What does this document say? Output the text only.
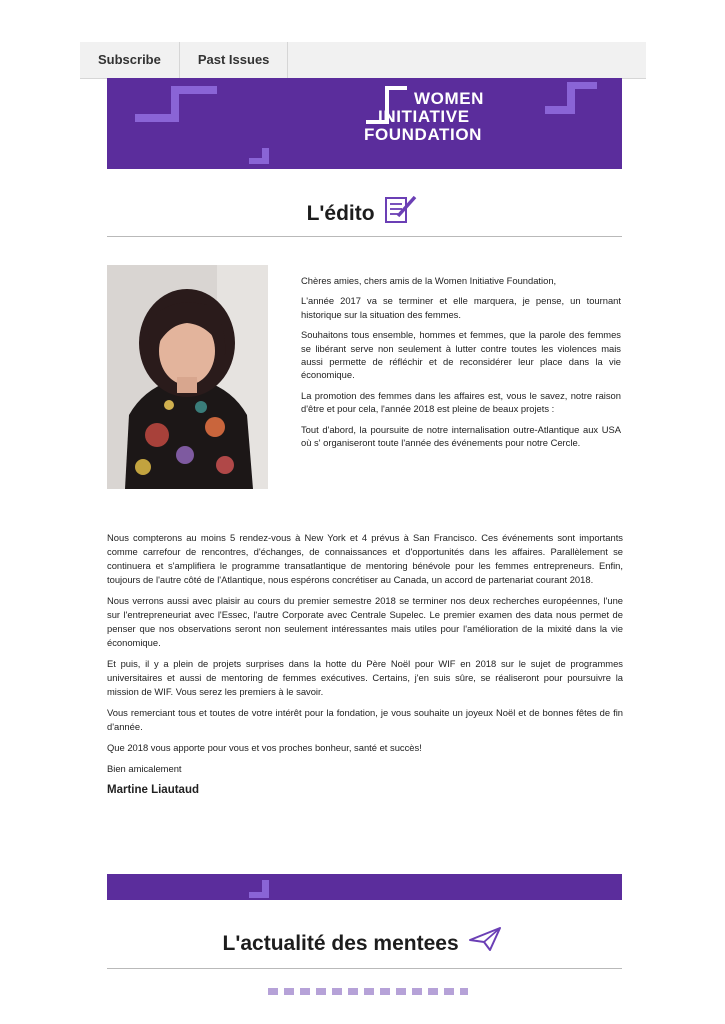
Subscribe	Past Issues
WOMEN
INITIATIVE
FOUNDATION
L'édito

Chères amies, chers amis de la Women Initiative Foundation,

L'année 2017 va se terminer et elle marquera, je pense, un tournant historique sur la situation des femmes.

Souhaitons tous ensemble, hommes et femmes, que la parole des femmes se libérant serve non seulement à lutter contre toutes les violences mais aussi permette de réfléchir et de reconsidérer leur place dans la vie économique.

La promotion des femmes dans les affaires est, vous le savez, notre raison d'être et pour cela, l'année 2018 est pleine de beaux projets :

Tout d'abord, la poursuite de notre internalisation outre-Atlantique aux USA où s' organiseront toute l'année des événements pour notre Cercle.

Nous compterons au moins 5 rendez-vous à New York et 4 prévus à San Francisco. Ces événements sont importants comme carrefour de rencontres, d'échanges, de connaissances et d'opportunités dans les affaires. Parallèlement se continuera et s'amplifiera le programme transatlantique de mentoring bénévole pour les femmes entrepreneurs. Enfin, toujours de l'autre côté de l'Atlantique, nous espérons concrétiser au Canada, un accord de partenariat courant 2018.

Nous verrons aussi avec plaisir au cours du premier semestre 2018 se terminer nos deux recherches européennes, l'une sur l'entrepreneuriat avec l'Essec, l'autre Corporate avec Centrale Supelec. Le premier examen des data nous permet de penser que nos observations seront non seulement intéressantes mais utiles pour l'amélioration de la mixité dans la vie économique.

Et puis, il y a plein de projets surprises dans la hotte du Père Noël pour WIF en 2018 sur le sujet de programmes universitaires et aussi de mentoring de femmes exécutives. Certains, j'en suis sûre, se réaliseront pour poursuivre la mission de WIF. Vous serez les premiers à le savoir.

Vous remerciant tous et toutes de votre intérêt pour la fondation, je vous souhaite un joyeux Noël et de bonnes fêtes de fin d'année.

Que 2018 vous apporte pour vous et vos proches bonheur, santé et succès!

Bien amicalement

Martine Liautaud
L'actualité des mentees
